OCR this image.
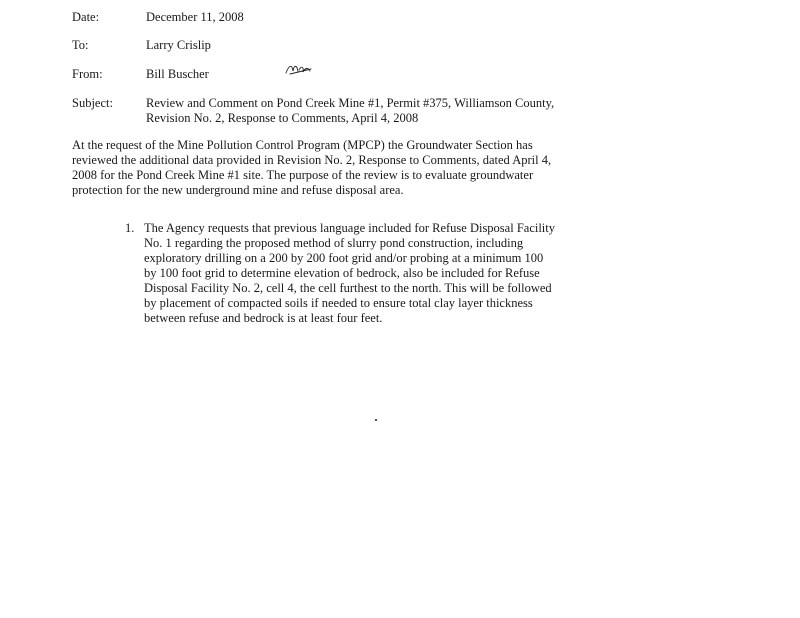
Date:	December 11, 2008
To:	Larry Crislip
From:	Bill Buscher
Subject:	Review and Comment on Pond Creek Mine #1, Permit #375, Williamson County,
Revision No. 2, Response to Comments, April 4, 2008
At the request of the Mine Pollution Control Program (MPCP) the Groundwater Section has
reviewed the additional data provided in Revision No. 2, Response to Comments, dated April 4,
2008 for the Pond Creek Mine #1 site. The purpose of the review is to evaluate groundwater
protection for the new underground mine and refuse disposal area.
1. The Agency requests that previous language included for Refuse Disposal Facility
No. 1 regarding the proposed method of slurry pond construction, including
exploratory drilling on a 200 by 200 foot grid and/or probing at a minimum 100
by 100 foot grid to determine elevation of bedrock, also be included for Refuse
Disposal Facility No. 2, cell 4, the cell furthest to the north. This will be followed
by placement of compacted soils if needed to ensure total clay layer thickness
between refuse and bedrock is at least four feet.
